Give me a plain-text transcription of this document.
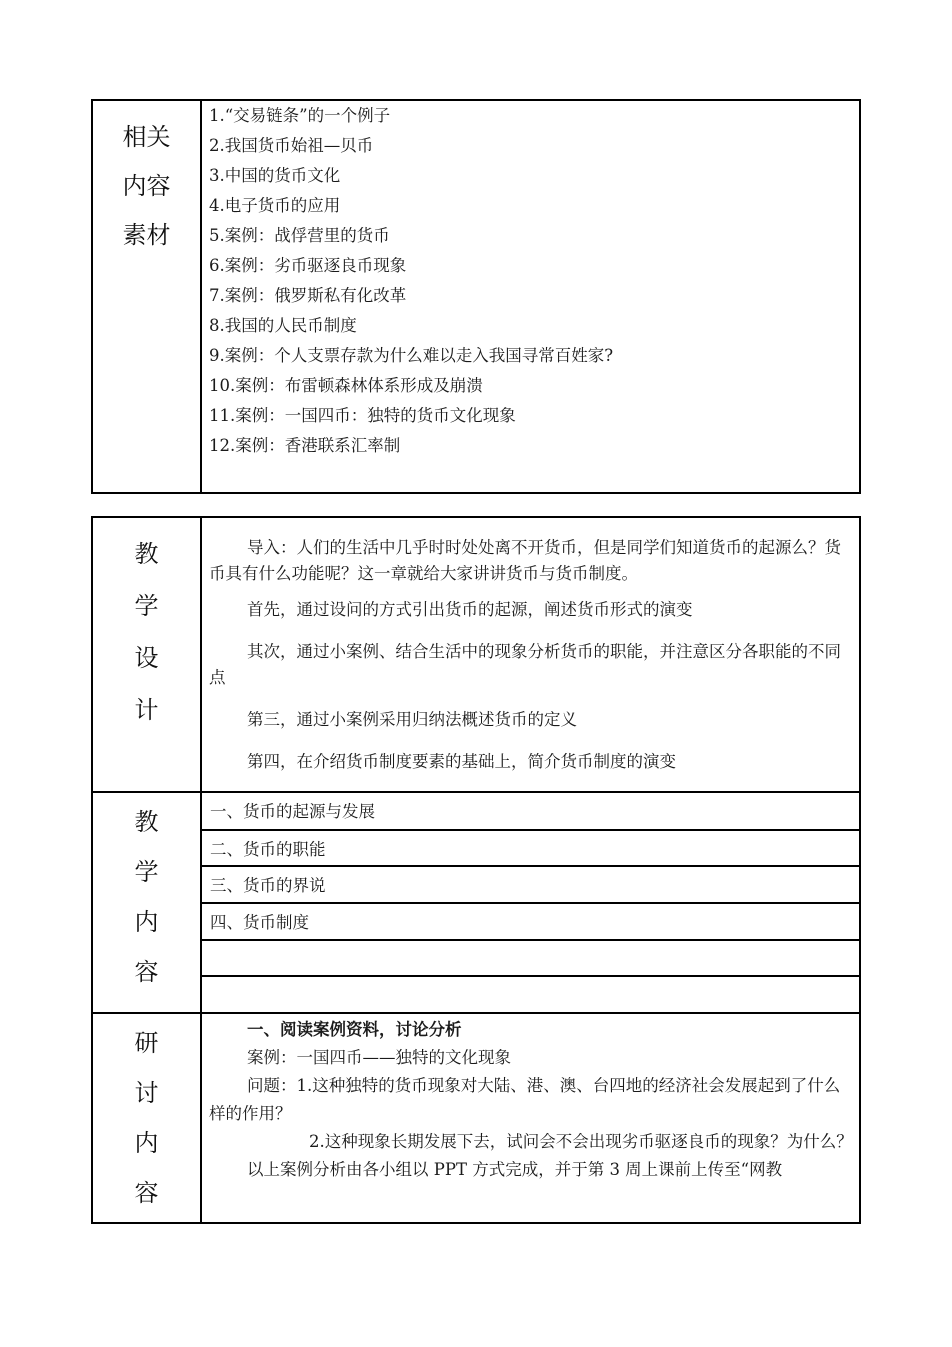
相关
内容
素材
1.“交易链条”的一个例子
2.我国货币始祖—贝币
3.中国的货币文化
4.电子货币的应用
5.案例：战俘营里的货币
6.案例：劣币驱逐良币现象
7.案例：俄罗斯私有化改革
8.我国的人民币制度
9.案例：个人支票存款为什么难以走入我国寻常百姓家?
10.案例：布雷顿森林体系形成及崩溃
11.案例：一国四币：独特的货币文化现象
12.案例：香港联系汇率制
教
学
设
计

导入：人们的生活中几乎时时处处离不开货币，但是同学们知道货币的起源么？货币具有什么功能呢？这一章就给大家讲讲货币与货币制度。

首先，通过设问的方式引出货币的起源，阐述货币形式的演变

其次，通过小案例、结合生活中的现象分析货币的职能，并注意区分各职能的不同点

第三，通过小案例采用归纳法概述货币的定义

第四，在介绍货币制度要素的基础上，简介货币制度的演变

教
学
内
容
一、货币的起源与发展
二、货币的职能
三、货币的界说
四、货币制度
研
讨
内
容

一、阅读案例资料，讨论分析

案例：一国四币——独特的文化现象

问题：1.这种独特的货币现象对大陆、港、澳、台四地的经济社会发展起到了什么样的作用？

2.这种现象长期发展下去，试问会不会出现劣币驱逐良币的现象？为什么？

以上案例分析由各小组以 PPT 方式完成，并于第 3 周上课前上传至“网教
